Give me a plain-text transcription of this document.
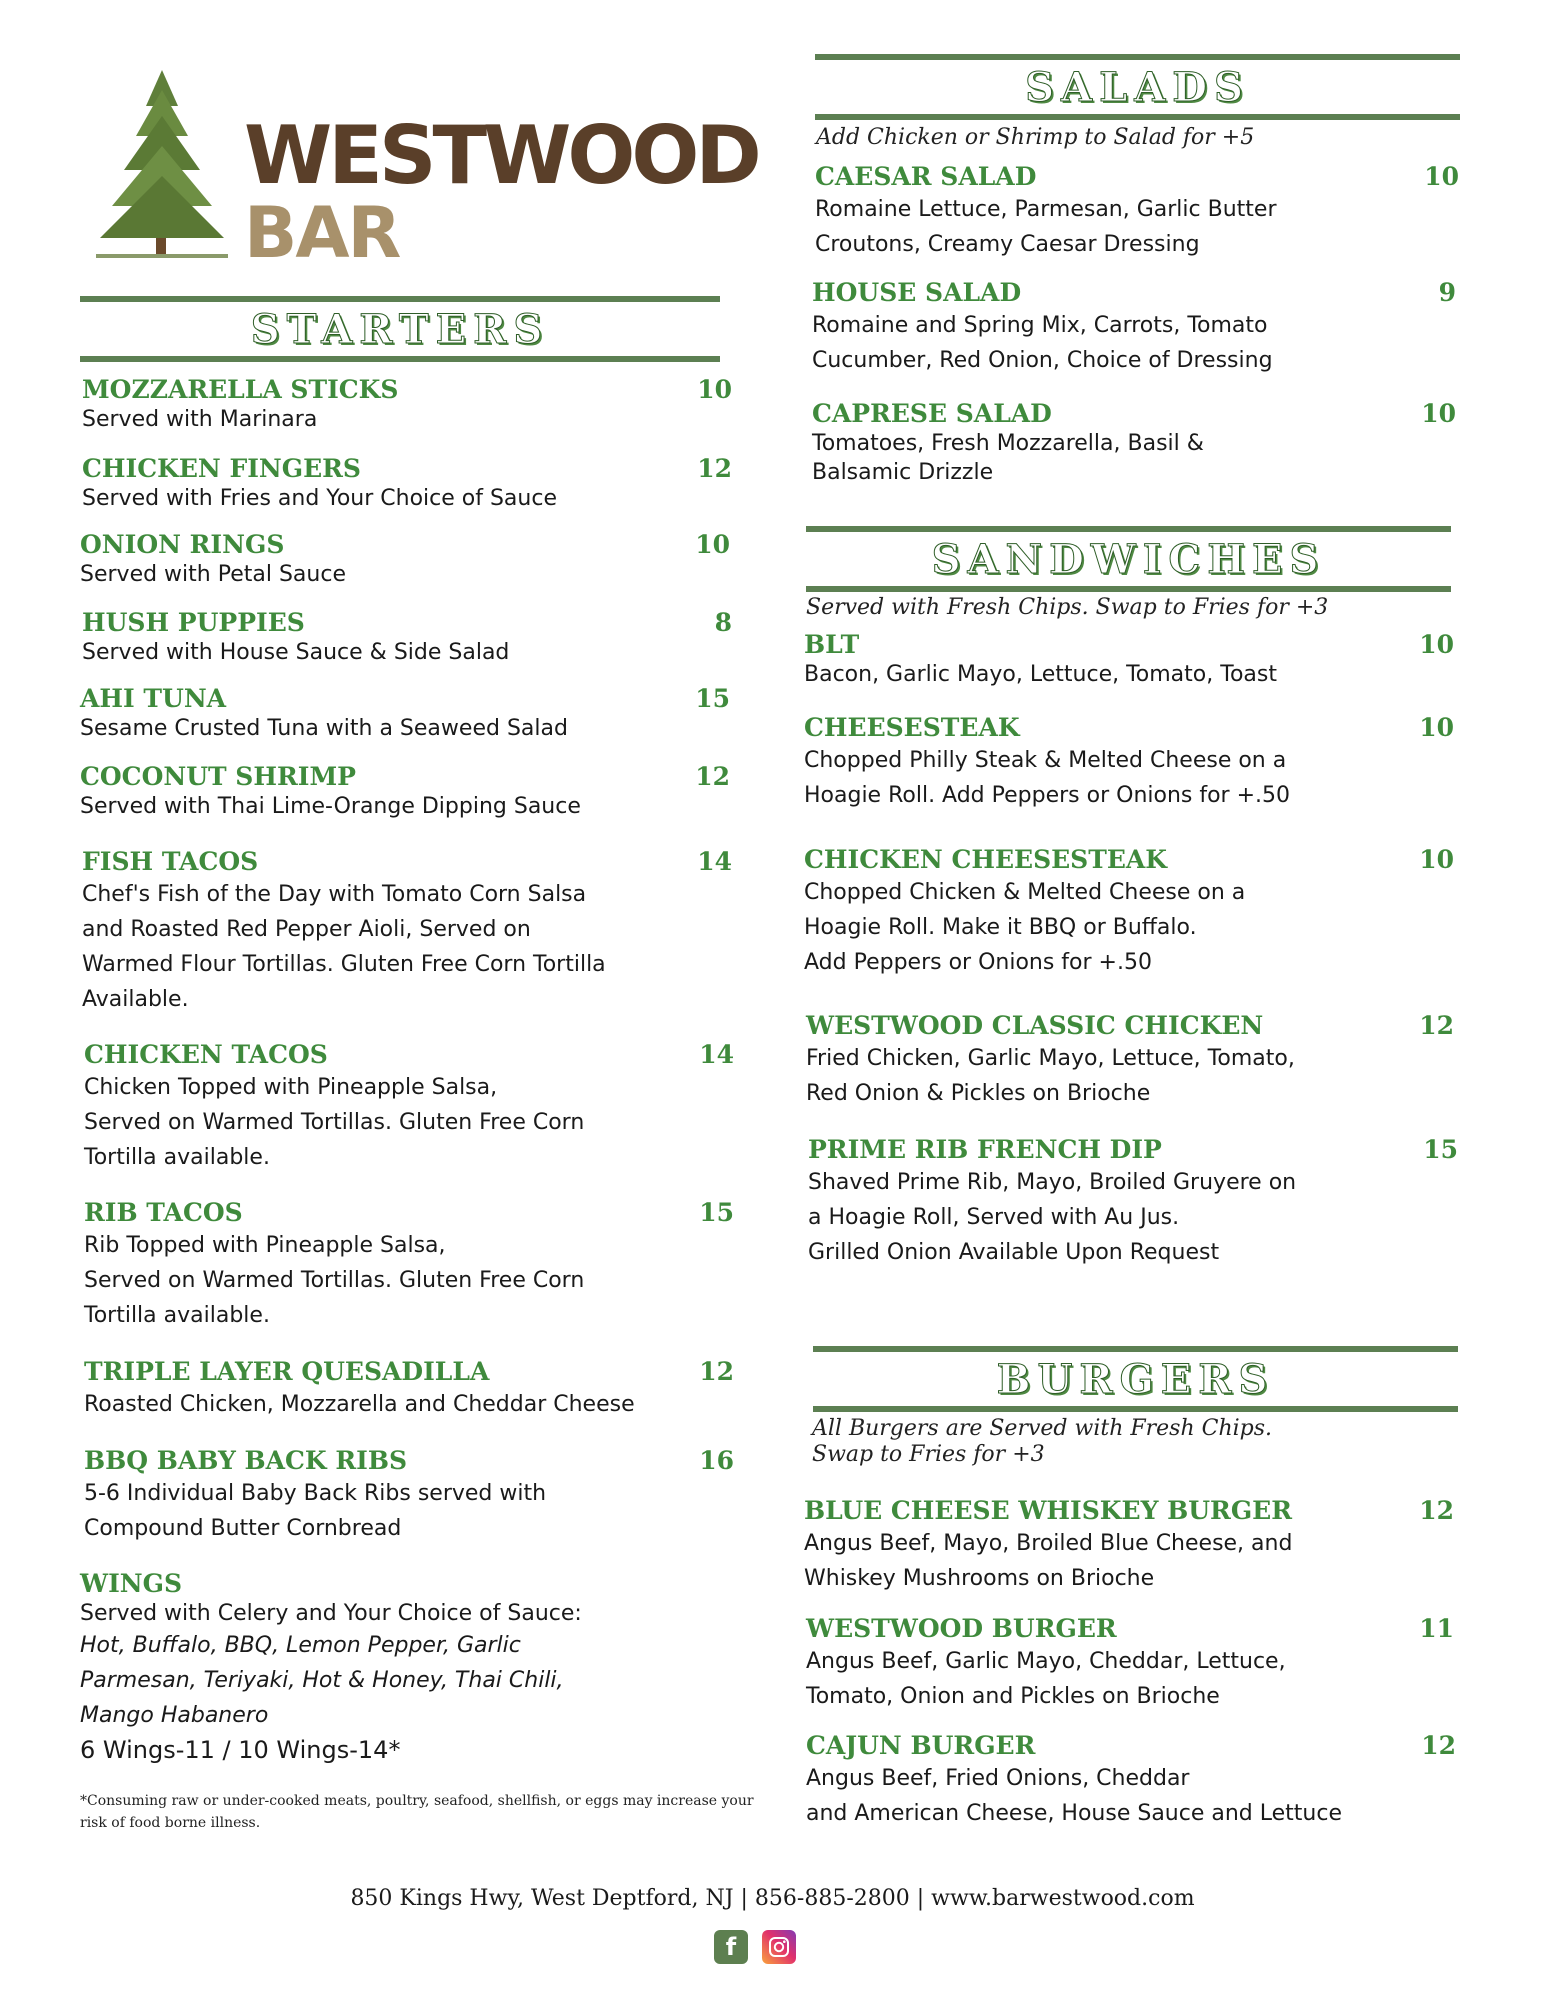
WESTWOOD
BAR
STARTERS
MOZZARELLA STICKS	10
Served with Marinara
CHICKEN FINGERS	12
Served with Fries and Your Choice of Sauce
ONION RINGS	10
Served with Petal Sauce
HUSH PUPPIES	8
Served with House Sauce & Side Salad
AHI TUNA	15
Sesame Crusted Tuna with a Seaweed Salad
COCONUT SHRIMP	12
Served with Thai Lime-Orange Dipping Sauce
FISH TACOS	14
Chef's Fish of the Day with Tomato Corn Salsa
and Roasted Red Pepper Aioli, Served on
Warmed Flour Tortillas. Gluten Free Corn Tortilla
Available.
CHICKEN TACOS	14
Chicken Topped with Pineapple Salsa,
Served on Warmed Tortillas. Gluten Free Corn
Tortilla available.
RIB TACOS	15
Rib Topped with Pineapple Salsa,
Served on Warmed Tortillas. Gluten Free Corn
Tortilla available.
TRIPLE LAYER QUESADILLA	12
Roasted Chicken, Mozzarella and Cheddar Cheese
BBQ BABY BACK RIBS	16
5-6 Individual Baby Back Ribs served with
Compound Butter Cornbread
WINGS
Served with Celery and Your Choice of Sauce:
Hot, Buffalo, BBQ, Lemon Pepper, Garlic
Parmesan, Teriyaki, Hot & Honey, Thai Chili,
Mango Habanero
6 Wings-11 / 10 Wings-14*
*Consuming raw or under-cooked meats, poultry, seafood, shellfish, or eggs may increase your risk of food borne illness.
SALADS
Add Chicken or Shrimp to Salad for +5
CAESAR SALAD	10
Romaine Lettuce, Parmesan, Garlic Butter
Croutons, Creamy Caesar Dressing
HOUSE SALAD	9
Romaine and Spring Mix, Carrots, Tomato
Cucumber, Red Onion, Choice of Dressing
CAPRESE SALAD	10
Tomatoes, Fresh Mozzarella, Basil &
Balsamic Drizzle
SANDWICHES
Served with Fresh Chips. Swap to Fries for +3
BLT	10
Bacon, Garlic Mayo, Lettuce, Tomato, Toast
CHEESESTEAK	10
Chopped Philly Steak & Melted Cheese on a
Hoagie Roll. Add Peppers or Onions for +.50
CHICKEN CHEESESTEAK	10
Chopped Chicken & Melted Cheese on a
Hoagie Roll. Make it BBQ or Buffalo.
Add Peppers or Onions for +.50
WESTWOOD CLASSIC CHICKEN	12
Fried Chicken, Garlic Mayo, Lettuce, Tomato,
Red Onion & Pickles on Brioche
PRIME RIB FRENCH DIP	15
Shaved Prime Rib, Mayo, Broiled Gruyere on
a Hoagie Roll, Served with Au Jus.
Grilled Onion Available Upon Request
BURGERS
All Burgers are Served with Fresh Chips.
Swap to Fries for +3
BLUE CHEESE WHISKEY BURGER	12
Angus Beef, Mayo, Broiled Blue Cheese, and
Whiskey Mushrooms on Brioche
WESTWOOD BURGER	11
Angus Beef, Garlic Mayo, Cheddar, Lettuce,
Tomato, Onion and Pickles on Brioche
CAJUN BURGER	12
Angus Beef, Fried Onions, Cheddar
and American Cheese, House Sauce and Lettuce
850 Kings Hwy, West Deptford, NJ | 856-885-2800 | www.barwestwood.com
f
